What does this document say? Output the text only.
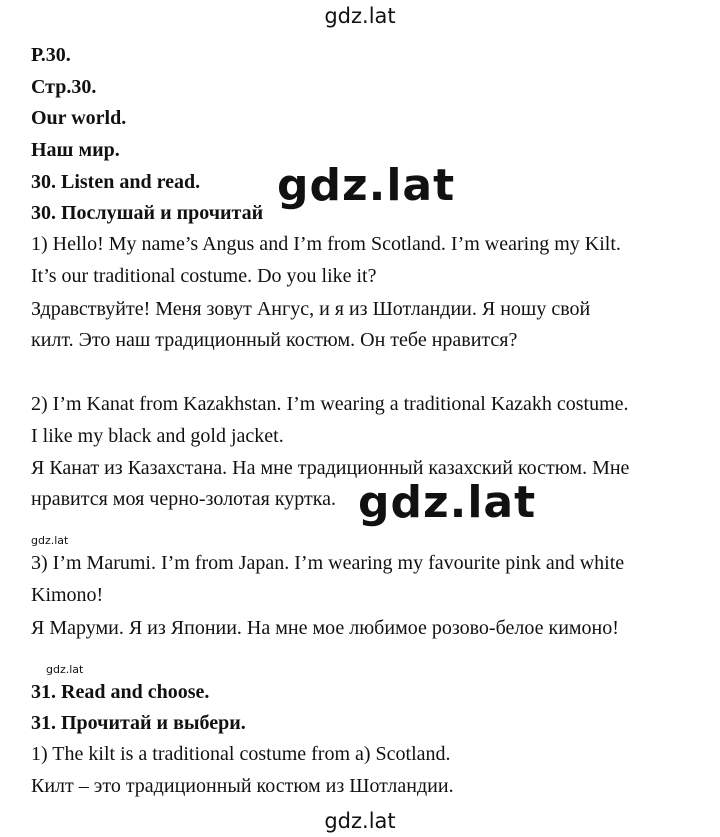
gdz.lat
Р.30.
Стр.30.
Our world.
Наш мир.
30. Listen and read.
30. Послушай и прочитай
1) Hello! My name’s Angus and I’m from Scotland. I’m wearing my Kilt.
It’s our traditional costume. Do you like it?
Здравствуйте! Меня зовут Ангус, и я из Шотландии. Я ношу свой
килт. Это наш традиционный костюм. Он тебе нравится?
2) I’m Kanat from Kazakhstan. I’m wearing a traditional Kazakh costume.
I like my black and gold jacket.
Я Канат из Казахстана. На мне традиционный казахский костюм. Мне
нравится моя черно-золотая куртка.
gdz.lat
3) I’m Marumi. I’m from Japan. I’m wearing my favourite pink and white
Kimono!
Я Маруми. Я из Японии. На мне мое любимое розово-белое кимоно!
gdz.lat
31. Read and choose.
31. Прочитай и выбери.
1) The kilt is a traditional costume from a) Scotland.
Килт – это традиционный костюм из Шотландии.
gdz.lat
gdz.lat
gdz.lat
